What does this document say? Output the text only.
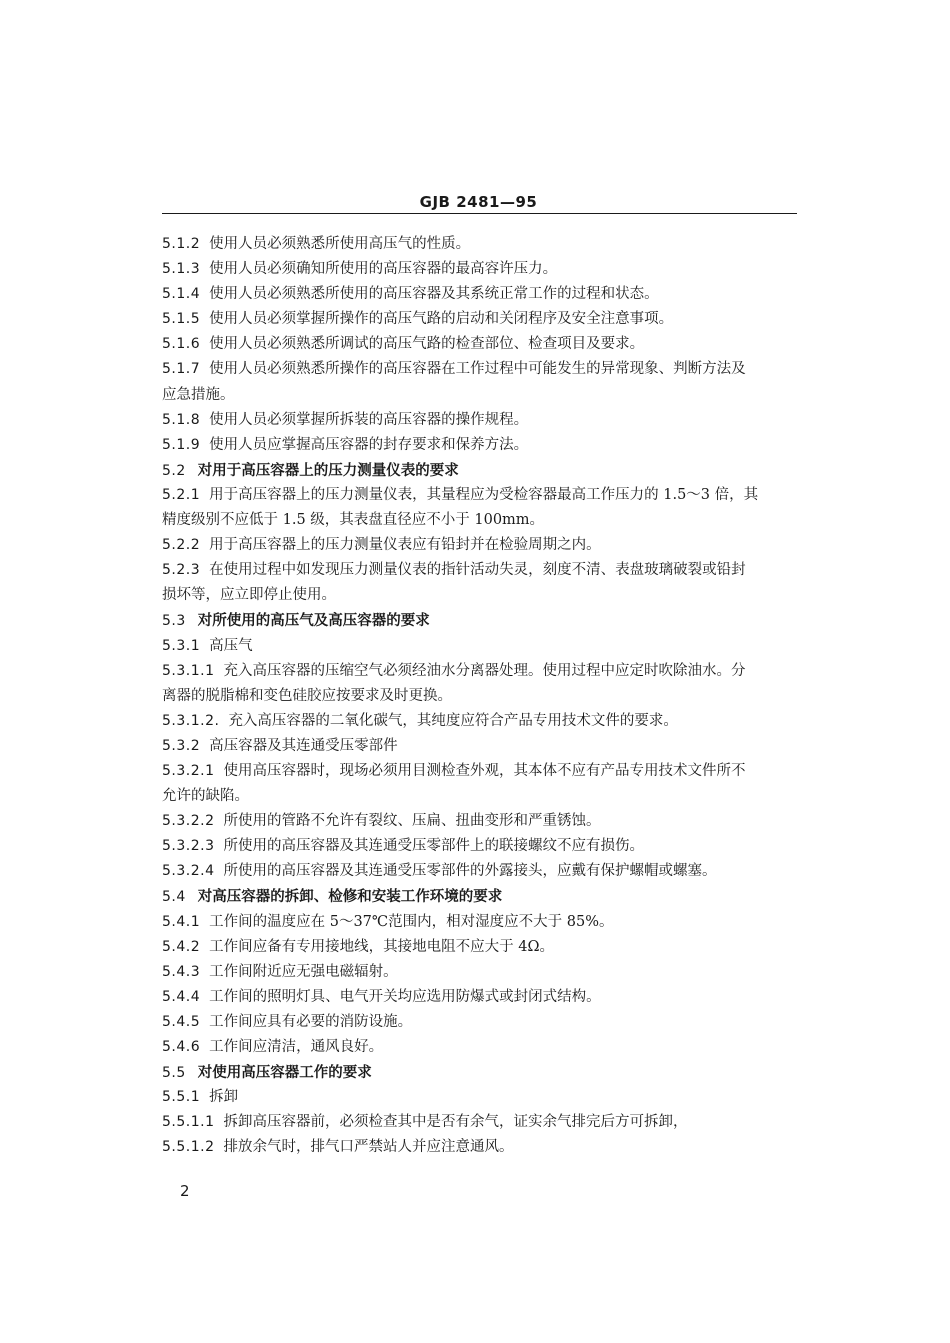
GJB 2481—95
5.1.2 使用人员必须熟悉所使用高压气的性质。
5.1.3 使用人员必须确知所使用的高压容器的最高容许压力。
5.1.4 使用人员必须熟悉所使用的高压容器及其系统正常工作的过程和状态。
5.1.5 使用人员必须掌握所操作的高压气路的启动和关闭程序及安全注意事项。
5.1.6 使用人员必须熟悉所调试的高压气路的检查部位、检查项目及要求。
5.1.7 使用人员必须熟悉所操作的高压容器在工作过程中可能发生的异常现象、判断方法及
应急措施。
5.1.8 使用人员必须掌握所拆装的高压容器的操作规程。
5.1.9 使用人员应掌握高压容器的封存要求和保养方法。
5.2 对用于高压容器上的压力测量仪表的要求
5.2.1 用于高压容器上的压力测量仪表，其量程应为受检容器最高工作压力的 1.5～3 倍，其
精度级别不应低于 1.5 级，其表盘直径应不小于 100mm。
5.2.2 用于高压容器上的压力测量仪表应有铅封并在检验周期之内。
5.2.3 在使用过程中如发现压力测量仪表的指针活动失灵，刻度不清、表盘玻璃破裂或铅封
损坏等，应立即停止使用。
5.3 对所使用的高压气及高压容器的要求
5.3.1 高压气
5.3.1.1 充入高压容器的压缩空气必须经油水分离器处理。使用过程中应定时吹除油水。分
离器的脱脂棉和变色硅胶应按要求及时更换。
5.3.1.2. 充入高压容器的二氧化碳气，其纯度应符合产品专用技术文件的要求。
5.3.2 高压容器及其连通受压零部件
5.3.2.1 使用高压容器时，现场必须用目测检查外观，其本体不应有产品专用技术文件所不
允许的缺陷。
5.3.2.2 所使用的管路不允许有裂纹、压扁、扭曲变形和严重锈蚀。
5.3.2.3 所使用的高压容器及其连通受压零部件上的联接螺纹不应有损伤。
5.3.2.4 所使用的高压容器及其连通受压零部件的外露接头，应戴有保护螺帽或螺塞。
5.4 对高压容器的拆卸、检修和安装工作环境的要求
5.4.1 工作间的温度应在 5～37℃范围内，相对湿度应不大于 85%。
5.4.2 工作间应备有专用接地线，其接地电阻不应大于 4Ω。
5.4.3 工作间附近应无强电磁辐射。
5.4.4 工作间的照明灯具、电气开关均应选用防爆式或封闭式结构。
5.4.5 工作间应具有必要的消防设施。
5.4.6 工作间应清洁，通风良好。
5.5 对使用高压容器工作的要求
5.5.1 拆卸
5.5.1.1 拆卸高压容器前，必须检查其中是否有余气，证实余气排完后方可拆卸，
5.5.1.2 排放余气时，排气口严禁站人并应注意通风。
2
